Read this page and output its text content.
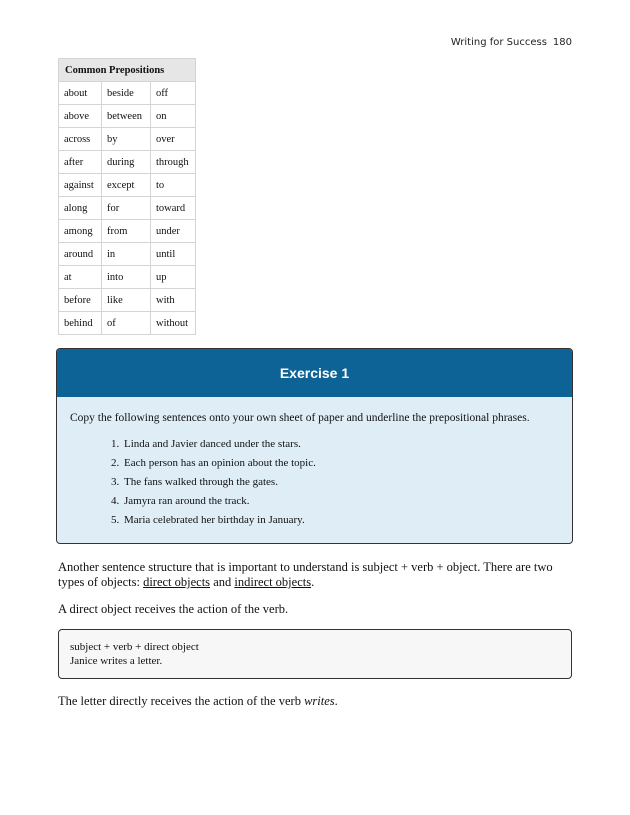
Writing for Success 180
Common Prepositions		
about	beside	off
above	between	on
across	by	over
after	during	through
against	except	to
along	for	toward
among	from	under
around	in	until
at	into	up
before	like	with
behind	of	without
Exercise 1
Copy the following sentences onto your own sheet of paper and underline the prepositional phrases.
1. Linda and Javier danced under the stars.
2. Each person has an opinion about the topic.
3. The fans walked through the gates.
4. Jamyra ran around the track.
5. Maria celebrated her birthday in January.
Another sentence structure that is important to understand is subject + verb + object. There are two types of objects: direct objects and indirect objects.
A direct object receives the action of the verb.
subject + verb + direct object
Janice writes a letter.
The letter directly receives the action of the verb writes.
